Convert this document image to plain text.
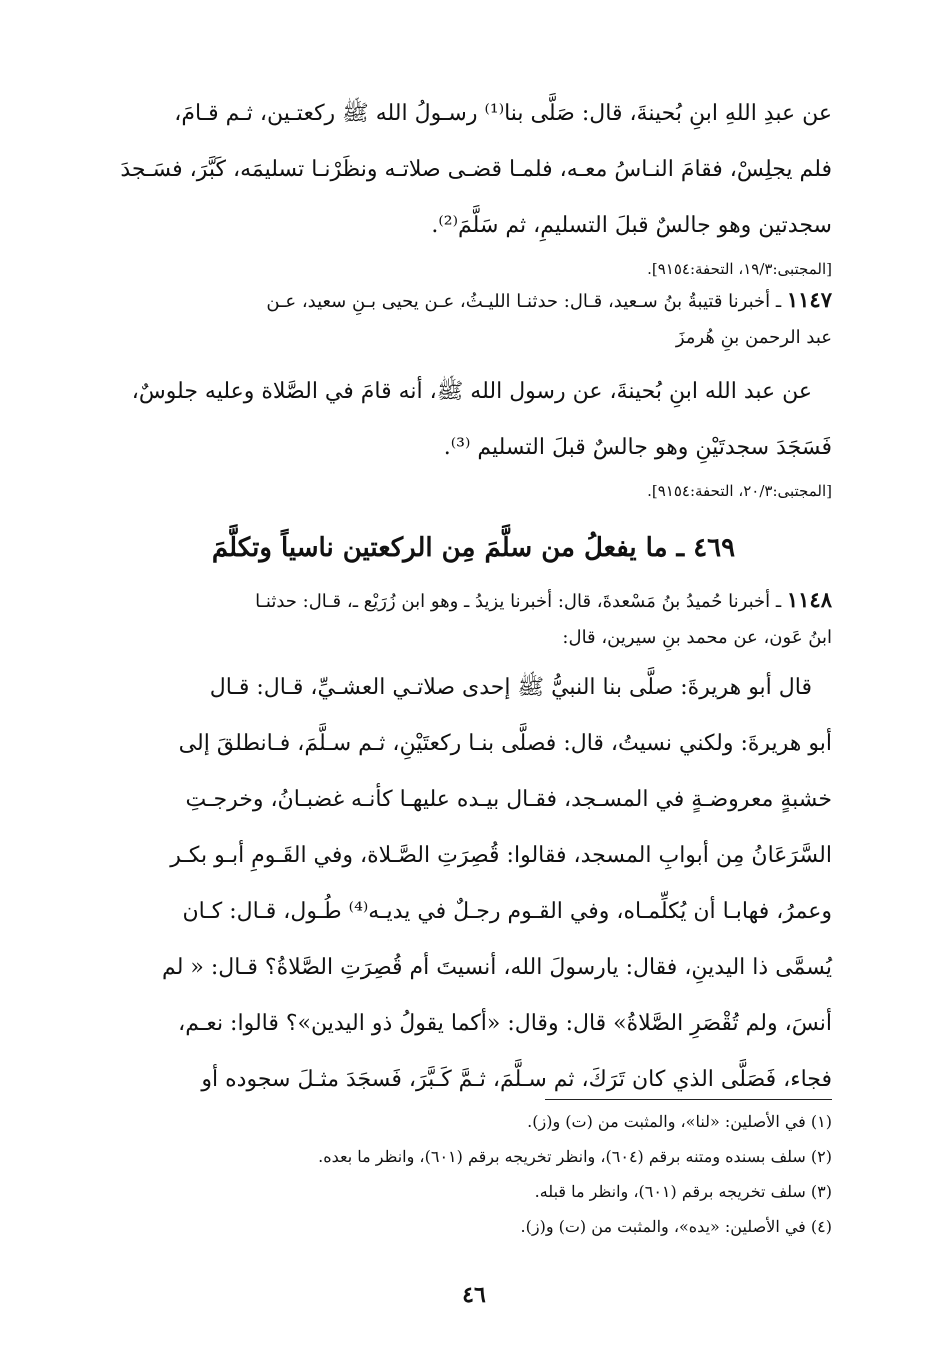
عن عبدِ اللهِ ابنِ بُحينةَ، قال: صَلَّى بنا⁽¹⁾ رسـولُ الله ﷺ ركعتـين، ثـم قـامَ،

فلم يجلِسْ، فقامَ النـاسُ معـه، فلمـا قضـى صلاتـه ونظَرْنـا تسليمَه، كَبَّرَ، فسَـجدَ

سجدتين وهو جالسٌ قبلَ التسليمِ، ثم سَلَّمَ⁽²⁾.

[المجتبى:١٩/٣، التحفة:٩١٥٤].

١١٤٧ ـ أخبرنا قتيبةُ بنُ سـعيد، قـال: حدثنـا الليـثُ، عـن يحيى بـنِ سعيد، عـن

عبد الرحمن بنِ هُرمزَ

عن عبد الله ابنِ بُحينةَ، عن رسول الله ﷺ، أنه قامَ في الصَّلاة وعليه جلوسٌ،

فَسَجَدَ سجدتَيْنِ وهو جالسٌ قبلَ التسليم ⁽³⁾.

[المجتبى:٢٠/٣، التحفة:٩١٥٤].

٤٦٩ ـ ما يفعلُ من سلَّمَ مِن الركعتين ناسياً وتكلَّمَ

١١٤٨ ـ أخبرنا حُميدُ بنُ مَسْعدةَ، قال: أخبرنا يزيدُ ـ وهو ابن زُرَيْع ـ، قـال: حدثنـا

ابنُ عَون، عن محمد بنِ سيرين، قال:

قال أبو هريرةَ: صلَّى بنا النبيُّ ﷺ إحدى صلاتـي العشـيِّ، قـال: قـال

أبو هريرةَ: ولكني نسيتُ، قال: فصلَّى بنـا ركعتَيْنِ، ثـم سـلَّمَ، فـانطلقَ إلى

خشبةٍ معروضـةٍ في المسـجد، فقـال بيـده عليهـا كأنـه غضبـانُ، وخرجـتِ

السَّرَعَانُ مِن أبوابِ المسجد، فقالوا: قُصِرَتِ الصَّـلاة، وفي القَـومِ أبـو بكـر

وعمرُ، فهابـا أن يُكلِّمـاه، وفي القـوم رجـلٌ في يديـه⁽⁴⁾ طُـول، قـال: كـان

يُسمَّى ذا اليدينِ، فقال: يارسولَ الله، أنسيتَ أم قُصِرَتِ الصَّلاةُ؟ قـال: « لم

أنسَ، ولم تُقْصَرِ الصَّلاةُ» قال: وقال: «أكما يقولُ ذو اليدين»؟ قالوا: نعـم،

فجاء، فَصَلَّى الذي كان تَرَكَ، ثم سـلَّمَ، ثـمَّ كَـبَّرَ، فَسجَدَ مثـلَ سجوده أو

(١) في الأصلين: «لنا»، والمثبت من (ت) و(ز).

(٢) سلف بسنده ومتنه برقم (٦٠٤)، وانظر تخريجه برقم (٦٠١)، وانظر ما بعده.

(٣) سلف تخريجه برقم (٦٠١)، وانظر ما قبله.

(٤) في الأصلين: «يده»، والمثبت من (ت) و(ز).

٤٦
